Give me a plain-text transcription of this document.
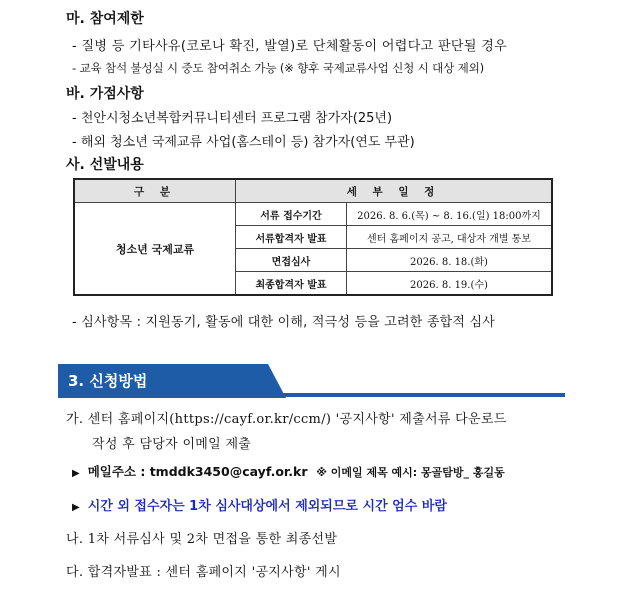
마. 참여제한
- 질병 등 기타사유(코로나 확진, 발열)로 단체활동이 어렵다고 판단될 경우
- 교육 참석 불성실 시 중도 참여취소 가능 (※ 향후 국제교류사업 신청 시 대상 제외)
바. 가점사항
- 천안시청소년복합커뮤니티센터 프로그램 참가자(25년)
- 해외 청소년 국제교류 사업(홈스테이 등) 참가자(연도 무관)
사. 선발내용
구 분	세 부 일 정	
청소년 국제교류	서류 접수기간	2026. 8. 6.(목) ~ 8. 16.(일) 18:00까지
	서류합격자 발표	센터 홈페이지 공고, 대상자 개별 통보
	면접심사	2026. 8. 18.(화)
	최종합격자 발표	2026. 8. 19.(수)
- 심사항목 : 지원동기, 활동에 대한 이해, 적극성 등을 고려한 종합적 심사
3. 신청방법
가. 센터 홈페이지(https://cayf.or.kr/ccm/) '공지사항' 제출서류 다운로드
작성 후 담당자 이메일 제출
▶ 메일주소 : tmddk3450@cayf.or.kr ※ 이메일 제목 예시: 몽골탐방_ 홍길동
▶ 시간 외 접수자는 1차 심사대상에서 제외되므로 시간 엄수 바람
나. 1차 서류심사 및 2차 면접을 통한 최종선발
다. 합격자발표 : 센터 홈페이지 '공지사항' 게시
